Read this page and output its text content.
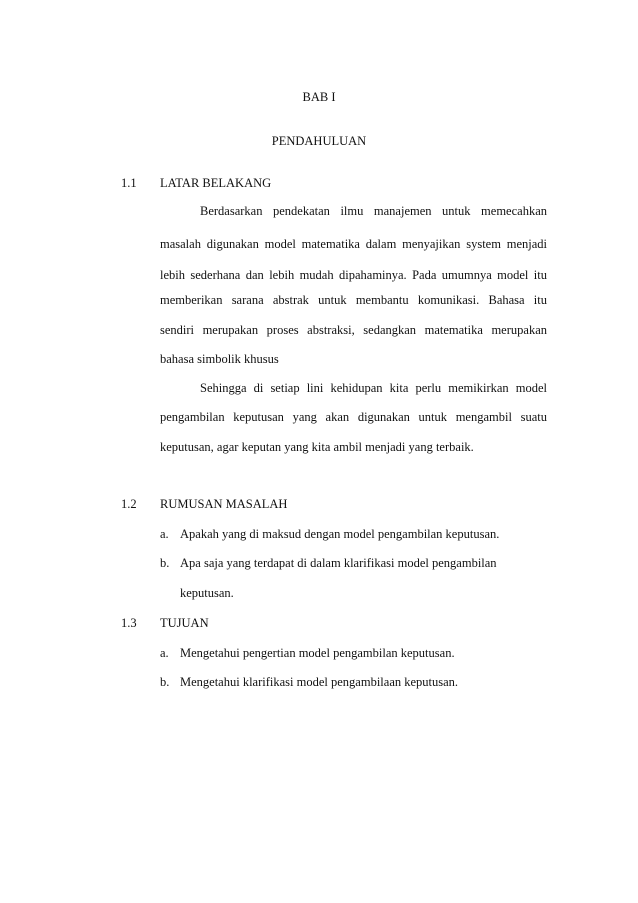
BAB I
PENDAHULUAN
1.1 LATAR BELAKANG
Berdasarkan pendekatan ilmu manajemen untuk memecahkan
masalah digunakan model matematika dalam menyajikan system menjadi
lebih sederhana dan lebih mudah dipahaminya. Pada umumnya model itu
memberikan sarana abstrak untuk membantu komunikasi. Bahasa itu
sendiri merupakan proses abstraksi, sedangkan matematika merupakan
bahasa simbolik khusus
Sehingga di setiap lini kehidupan kita perlu memikirkan model
pengambilan keputusan yang akan digunakan untuk mengambil suatu
keputusan, agar keputan yang kita ambil menjadi yang terbaik.
1.2 RUMUSAN MASALAH
a. Apakah yang di maksud dengan model pengambilan keputusan.
b. Apa saja yang terdapat di dalam klarifikasi model pengambilan
keputusan.
1.3 TUJUAN
a. Mengetahui pengertian model pengambilan keputusan.
b. Mengetahui klarifikasi model pengambilaan keputusan.
